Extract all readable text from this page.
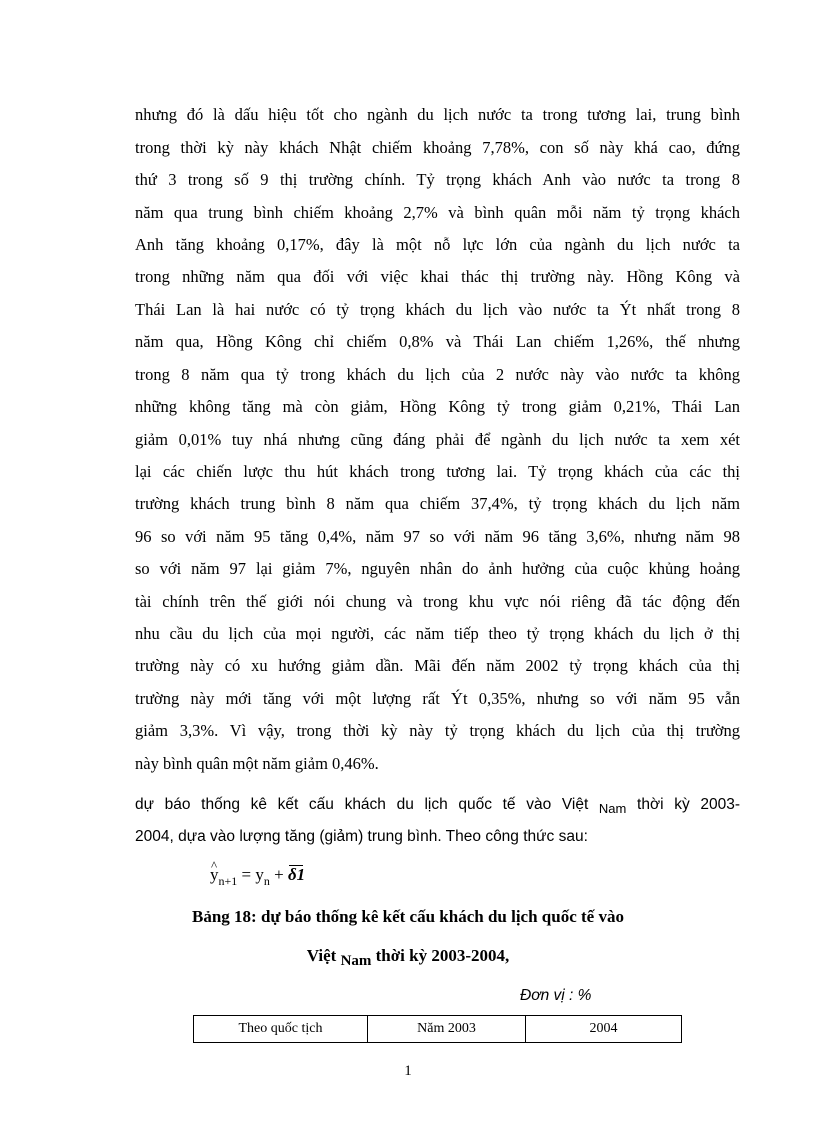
nhưng đó là dấu hiệu tốt cho ngành du lịch nước ta trong tương lai, trung bình
trong thời kỳ này khách Nhật chiếm khoảng 7,78%, con số này khá cao, đứng
thứ 3 trong số 9 thị trường chính. Tỷ trọng khách Anh vào nước ta trong 8
năm qua trung bình chiếm khoảng 2,7% và bình quân mỗi năm tỷ trọng khách
Anh tăng khoảng 0,17%, đây là một nỗ lực lớn của ngành du lịch nước ta
trong những năm qua đối với việc khai thác thị trường này. Hồng Kông và
Thái Lan là hai nước có tỷ trọng khách du lịch vào nước ta Ýt nhất trong 8
năm qua, Hồng Kông chỉ chiếm 0,8% và Thái Lan chiếm 1,26%, thế nhưng
trong 8 năm qua tỷ trong khách du lịch của 2 nước này vào nước ta không
những không tăng mà còn giảm, Hồng Kông tỷ trong giảm 0,21%, Thái Lan
giảm 0,01% tuy nhá nhưng cũng đáng phải để ngành du lịch nước ta xem xét
lại các chiến lược thu hút khách trong tương lai. Tỷ trọng khách của các thị
trường khách trung bình 8 năm qua chiếm 37,4%, tỷ trọng khách du lịch năm
96 so với năm 95 tăng 0,4%, năm 97 so với năm 96 tăng 3,6%, nhưng năm 98
so với năm 97 lại giảm 7%, nguyên nhân do ảnh hưởng của cuộc khủng hoảng
tài chính trên thế giới nói chung và trong khu vực nói riêng đã tác động đến
nhu cầu du lịch của mọi người, các năm tiếp theo tỷ trọng khách du lịch ở thị
trường này có xu hướng giảm dần. Mãi đến năm 2002 tỷ trọng khách của thị
trường này mới tăng với một lượng rất Ýt 0,35%, nhưng so với năm 95 vẫn
giảm 3,3%. Vì vậy, trong thời kỳ này tỷ trọng khách du lịch của thị trường
này bình quân một năm giảm 0,46%.
dự báo thống kê kết cấu khách du lịch quốc tế vào Việt $_{Nam}$ thời kỳ 2003-
2004, dựa vào lượng tăng (giảm) trung bình. Theo công thức sau:
^ $y_{n+1} = y_n + \delta 1$
Bảng 18: dự báo thống kê kết cấu khách du lịch quốc tế vào
Việt Nam thời kỳ 2003-2004,
Đơn vị : %
Theo quốc tịch	Năm 2003	2004
1
